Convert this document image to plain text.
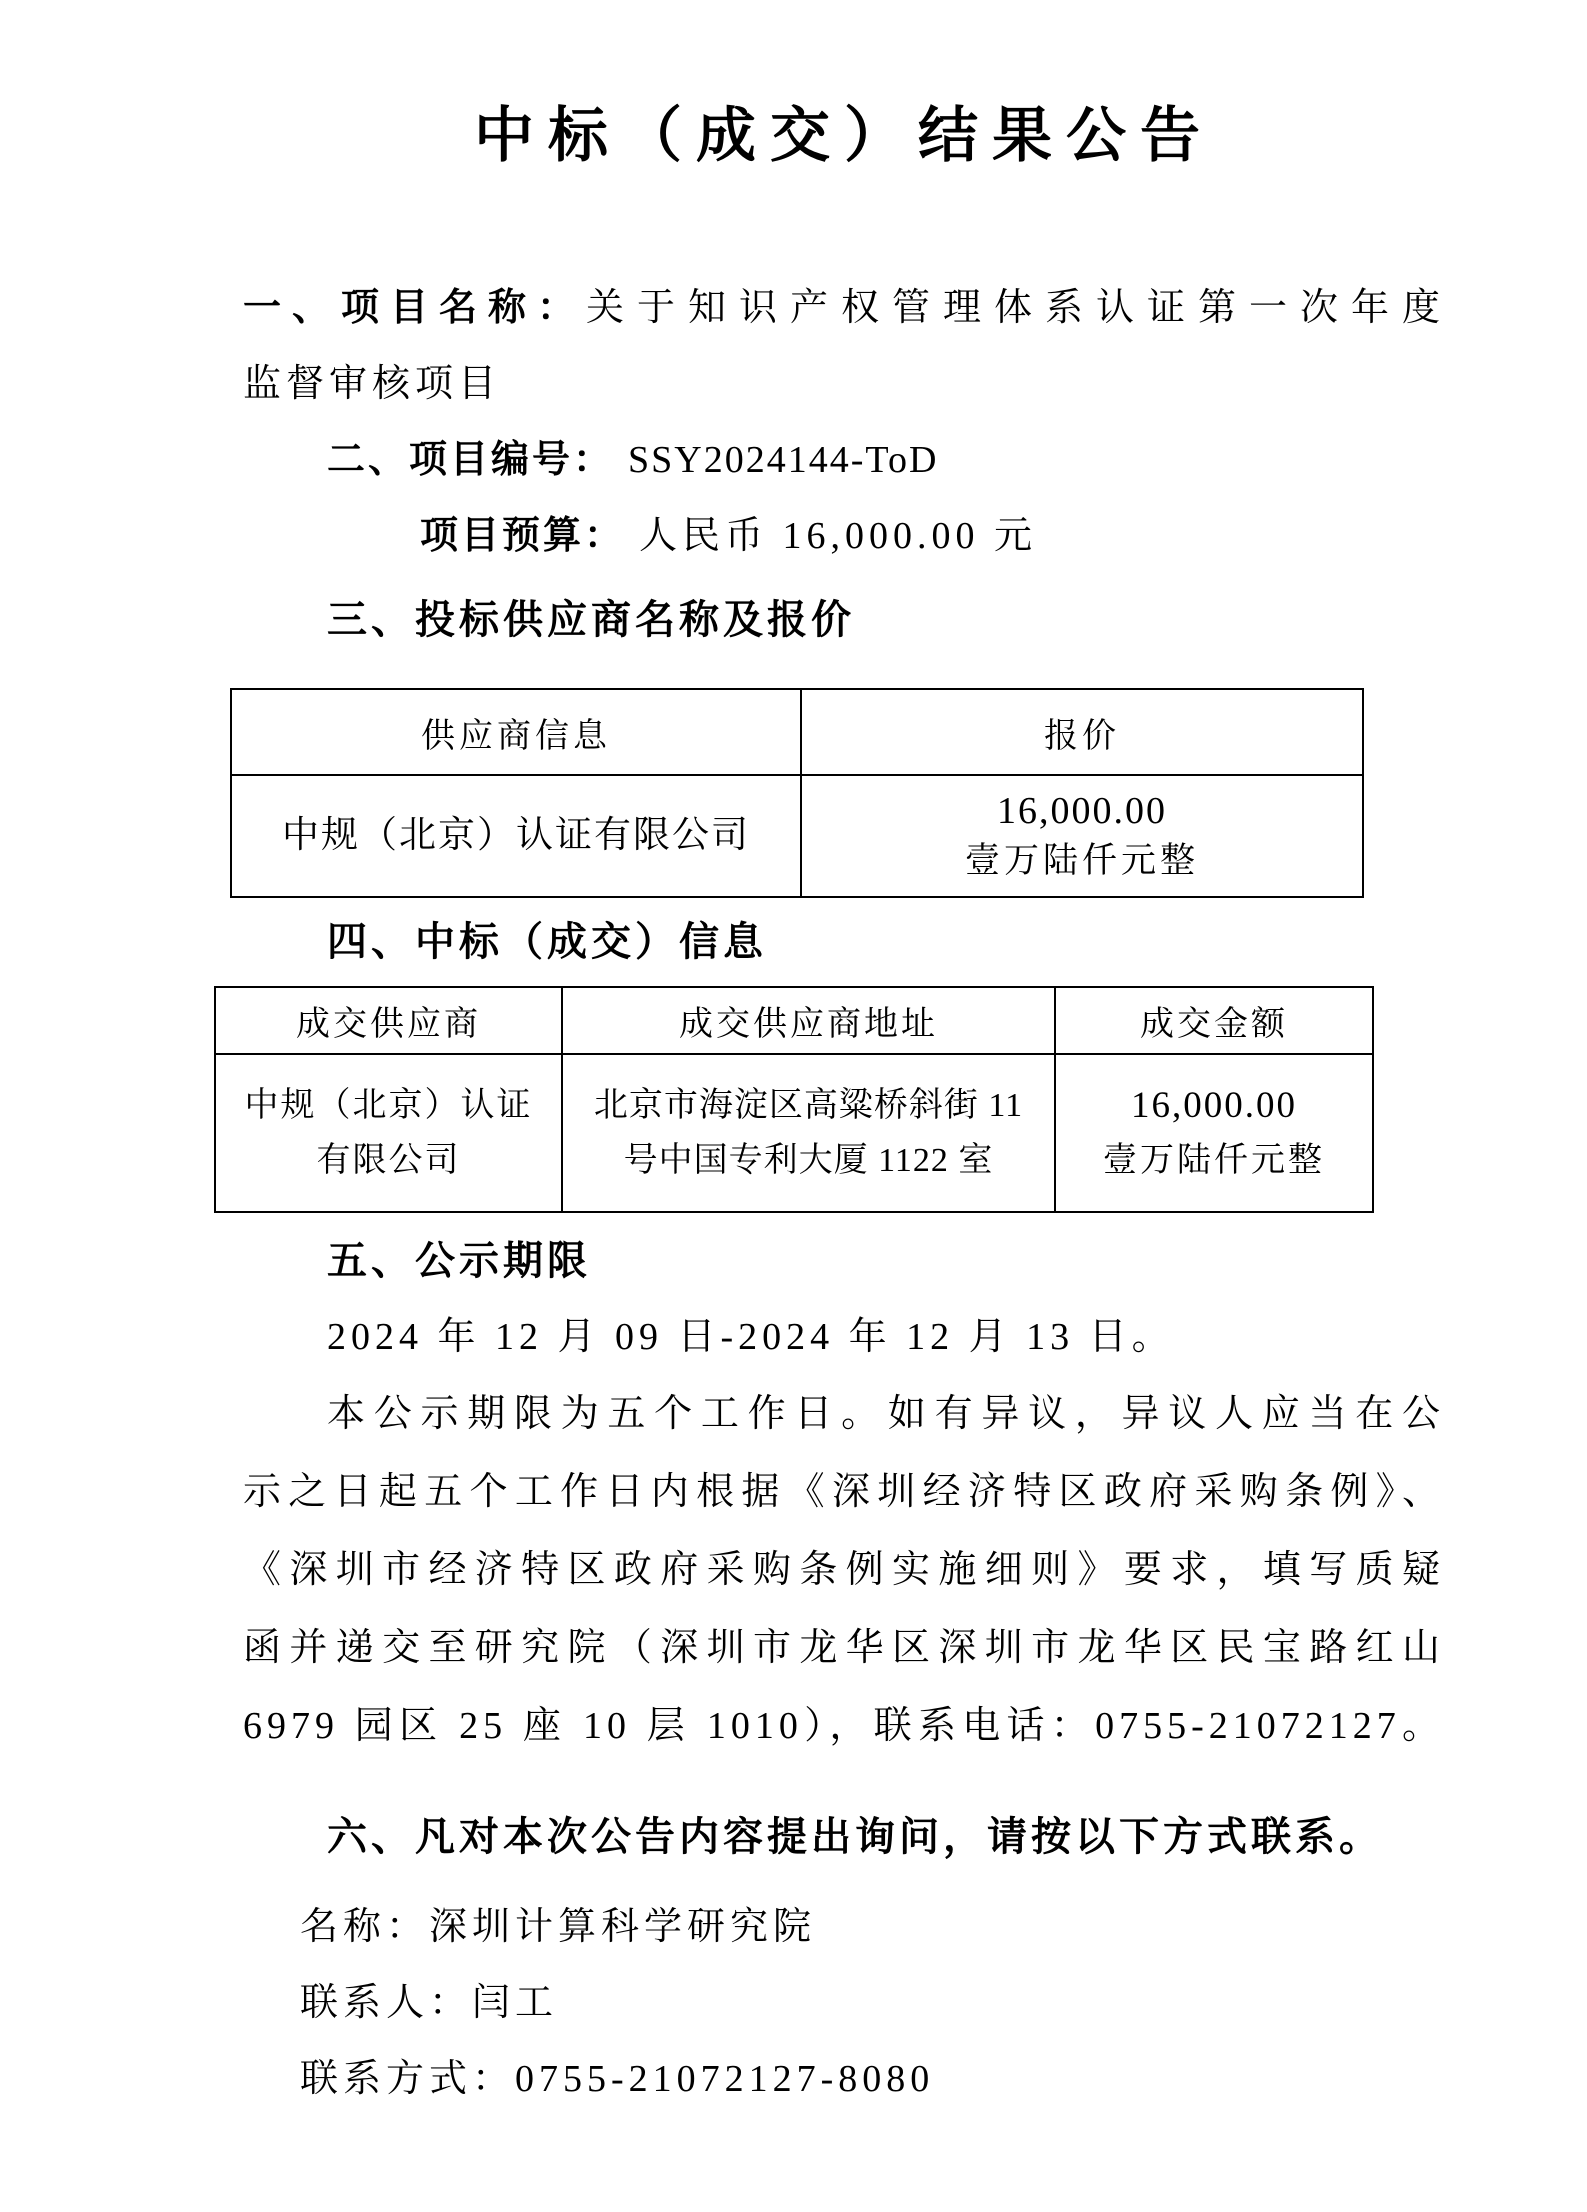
中标（成交）结果公告
一、项目名称：关于知识产权管理体系认证第一次年度
监督审核项目
二、项目编号： SSY2024144-ToD
项目预算： 人民币 16,000.00 元
三、投标供应商名称及报价
供应商信息	报价
中规（北京）认证有限公司	16,000.00
壹万陆仟元整
四、中标（成交）信息
成交供应商	成交供应商地址	成交金额

中规（北京）认证
有限公司

北京市海淀区高粱桥斜街 11
号中国专利大厦 1122 室

16,000.00
壹万陆仟元整
五、公示期限
2024 年 12 月 09 日-2024 年 12 月 13 日。
本公示期限为五个工作日。如有异议，异议人应当在公
示之日起五个工作日内根据《深圳经济特区政府采购条例》、
《深圳市经济特区政府采购条例实施细则》要求，填写质疑
函并递交至研究院（深圳市龙华区深圳市龙华区民宝路红山
6979 园区 25 座 10 层 1010），联系电话：0755-21072127。
六、凡对本次公告内容提出询问，请按以下方式联系。
名称：深圳计算科学研究院
联系人：闫工
联系方式：0755-21072127-8080
